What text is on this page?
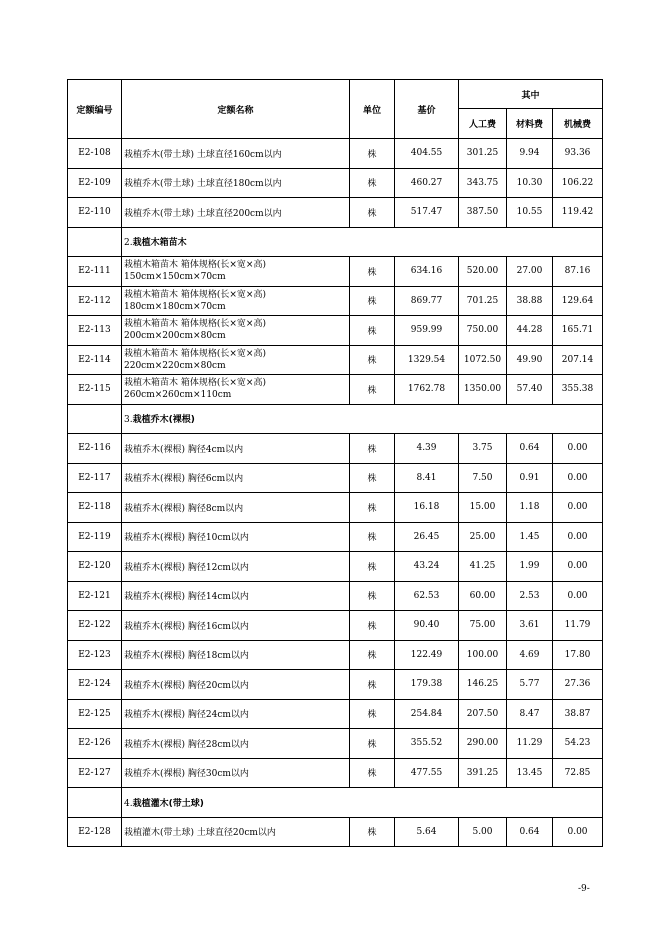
定额编号	定额名称	单位	基价	其中		
				人工费	材料费	机械费
E2-108	栽植乔木(带土球) 土球直径160cm以内	株	404.55	301.25	9.94	93.36
E2-109	栽植乔木(带土球) 土球直径180cm以内	株	460.27	343.75	10.30	106.22
E2-110	栽植乔木(带土球) 土球直径200cm以内	株	517.47	387.50	10.55	119.42
	2.栽植木箱苗木					
E2-111	栽植木箱苗木 箱体规格(长×宽×高)
150cm×150cm×70cm	株	634.16	520.00	27.00	87.16
E2-112	栽植木箱苗木 箱体规格(长×宽×高)
180cm×180cm×70cm	株	869.77	701.25	38.88	129.64
E2-113	栽植木箱苗木 箱体规格(长×宽×高)
200cm×200cm×80cm	株	959.99	750.00	44.28	165.71
E2-114	栽植木箱苗木 箱体规格(长×宽×高)
220cm×220cm×80cm	株	1329.54	1072.50	49.90	207.14
E2-115	栽植木箱苗木 箱体规格(长×宽×高)
260cm×260cm×110cm	株	1762.78	1350.00	57.40	355.38
	3.栽植乔木(裸根)					
E2-116	栽植乔木(裸根) 胸径4cm以内	株	4.39	3.75	0.64	0.00
E2-117	栽植乔木(裸根) 胸径6cm以内	株	8.41	7.50	0.91	0.00
E2-118	栽植乔木(裸根) 胸径8cm以内	株	16.18	15.00	1.18	0.00
E2-119	栽植乔木(裸根) 胸径10cm以内	株	26.45	25.00	1.45	0.00
E2-120	栽植乔木(裸根) 胸径12cm以内	株	43.24	41.25	1.99	0.00
E2-121	栽植乔木(裸根) 胸径14cm以内	株	62.53	60.00	2.53	0.00
E2-122	栽植乔木(裸根) 胸径16cm以内	株	90.40	75.00	3.61	11.79
E2-123	栽植乔木(裸根) 胸径18cm以内	株	122.49	100.00	4.69	17.80
E2-124	栽植乔木(裸根) 胸径20cm以内	株	179.38	146.25	5.77	27.36
E2-125	栽植乔木(裸根) 胸径24cm以内	株	254.84	207.50	8.47	38.87
E2-126	栽植乔木(裸根) 胸径28cm以内	株	355.52	290.00	11.29	54.23
E2-127	栽植乔木(裸根) 胸径30cm以内	株	477.55	391.25	13.45	72.85
	4.栽植灌木(带土球)					
E2-128	栽植灌木(带土球) 土球直径20cm以内	株	5.64	5.00	0.64	0.00
-9-
